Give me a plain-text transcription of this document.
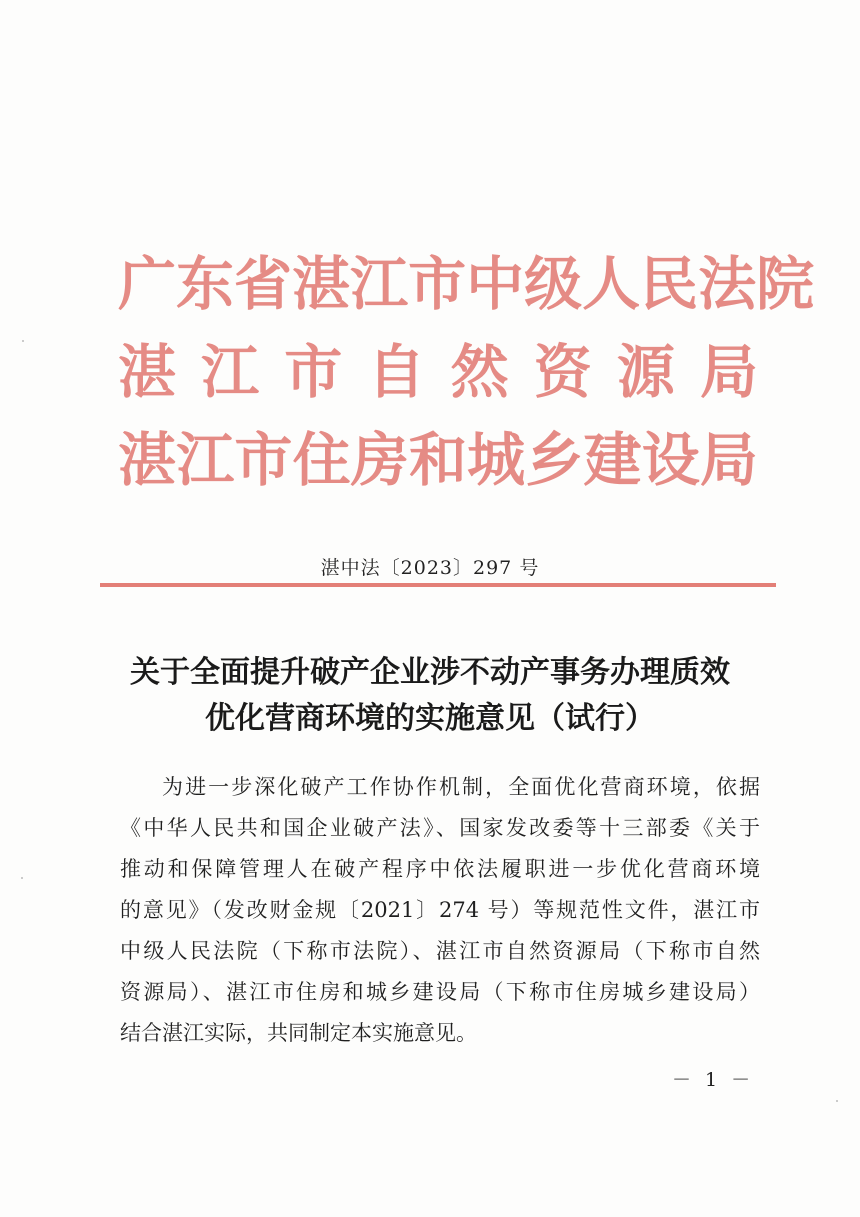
广 东 省 湛 江 市 中 级 人 民 法 院
湛 江 市 自 然 资 源 局
湛 江 市 住 房 和 城 乡 建 设 局
湛中法〔2023〕297 号
关于全面提升破产企业涉不动产事务办理质效
优化营商环境的实施意见（试行）
为进一步深化破产工作协作机制，全面优化营商环境，依据
《中华人民共和国企业破产法》、国家发改委等十三部委《关于
推动和保障管理人在破产程序中依法履职进一步优化营商环境
的意见》（发改财金规〔2021〕274 号）等规范性文件，湛江市
中级人民法院（下称市法院）、湛江市自然资源局（下称市自然
资源局）、湛江市住房和城乡建设局（下称市住房城乡建设局）
结合湛江实际，共同制定本实施意见。
－ 1 －
